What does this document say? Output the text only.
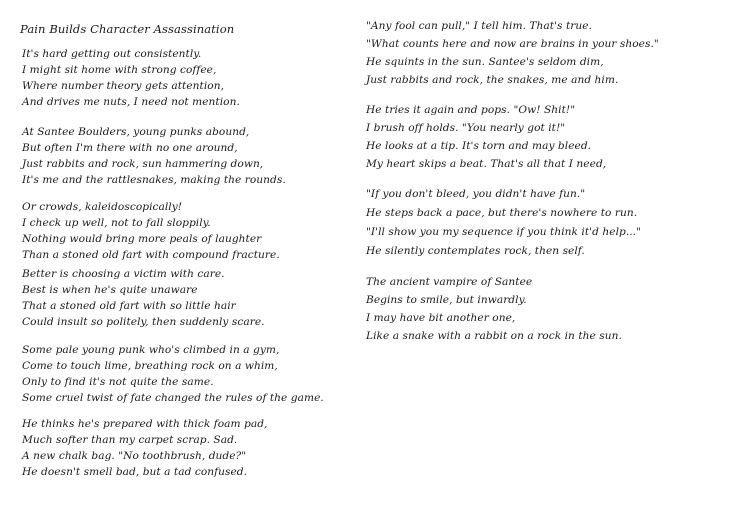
Pain Builds Character Assassination
It's hard getting out consistently.
I might sit home with strong coffee,
Where number theory gets attention,
And drives me nuts, I need not mention.
At Santee Boulders, young punks abound,
But often I'm there with no one around,
Just rabbits and rock, sun hammering down,
It's me and the rattlesnakes, making the rounds.
Or crowds, kaleidoscopically!
I check up well, not to fall sloppily.
Nothing would bring more peals of laughter
Than a stoned old fart with compound fracture.
Better is choosing a victim with care.
Best is when he's quite unaware
That a stoned old fart with so little hair
Could insult so politely, then suddenly scare.
Some pale young punk who's climbed in a gym,
Come to touch lime, breathing rock on a whim,
Only to find it's not quite the same.
Some cruel twist of fate changed the rules of the game.
He thinks he's prepared with thick foam pad,
Much softer than my carpet scrap. Sad.
A new chalk bag. "No toothbrush, dude?"
He doesn't smell bad, but a tad confused.
"Any fool can pull," I tell him. That's true.
"What counts here and now are brains in your shoes."
He squints in the sun. Santee's seldom dim,
Just rabbits and rock, the snakes, me and him.
He tries it again and pops. "Ow! Shit!"
I brush off holds. "You nearly got it!"
He looks at a tip. It's torn and may bleed.
My heart skips a beat. That's all that I need,
"If you don't bleed, you didn't have fun."
He steps back a pace, but there's nowhere to run.
"I'll show you my sequence if you think it'd help..."
He silently contemplates rock, then self.
The ancient vampire of Santee
Begins to smile, but inwardly.
I may have bit another one,
Like a snake with a rabbit on a rock in the sun.
